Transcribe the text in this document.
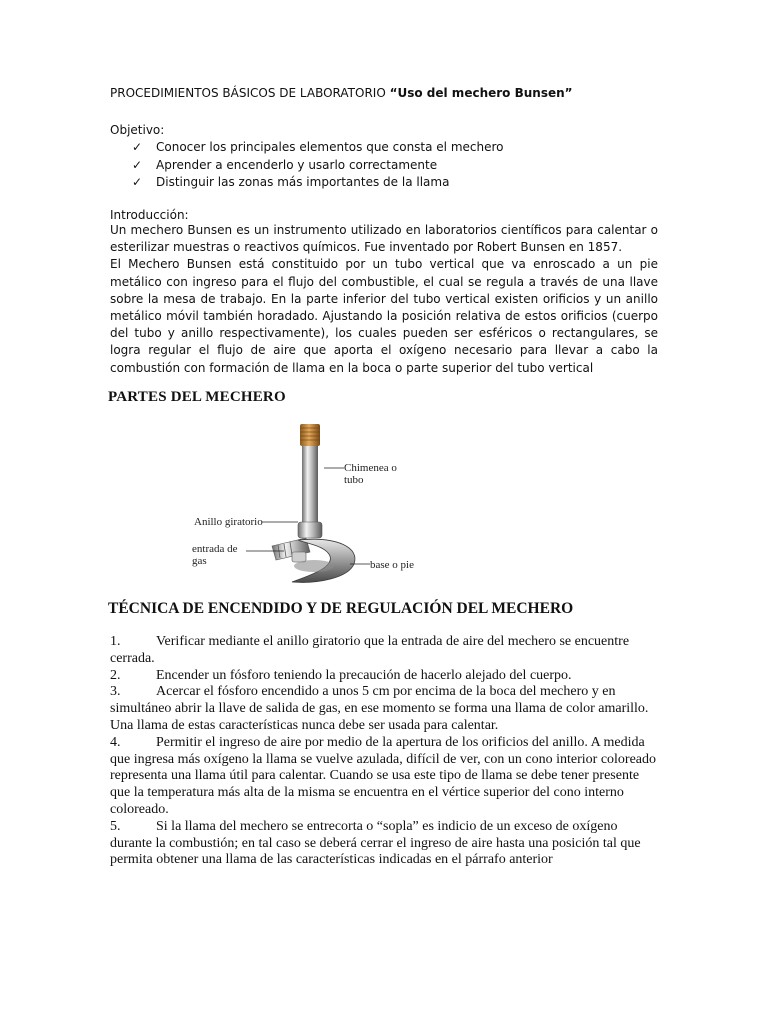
PROCEDIMIENTOS BÁSICOS DE LABORATORIO “Uso del mechero Bunsen”
Objetivo:
✓	Conocer los principales elementos que consta el mechero
✓	Aprender a encenderlo y usarlo correctamente
✓	Distinguir las zonas más importantes de la llama
Introducción:

Un mechero Bunsen es un instrumento utilizado en laboratorios científicos para calentar o esterilizar muestras o reactivos químicos. Fue inventado por Robert Bunsen en 1857.

El Mechero Bunsen está constituido por un tubo vertical que va enroscado a un pie metálico con ingreso para el flujo del combustible, el cual se regula a través de una llave sobre la mesa de trabajo. En la parte inferior del tubo vertical existen orificios y un anillo metálico móvil también horadado. Ajustando la posición relativa de estos orificios (cuerpo del tubo y anillo respectivamente), los cuales pueden ser esféricos o rectangulares, se logra regular el flujo de aire que aporta el oxígeno necesario para llevar a cabo la combustión con formación de llama en la boca o parte superior del tubo vertical

PARTES DEL MECHERO
Chimenea o
tubo
Anillo giratorio
entrada de
gas	base o pie
TÉCNICA DE ENCENDIDO Y DE REGULACIÓN DEL MECHERO

1.	Verificar mediante el anillo giratorio que la entrada de aire del mechero se encuentre cerrada.

2.	Encender un fósforo teniendo la precaución de hacerlo alejado del cuerpo.

3.	Acercar el fósforo encendido a unos 5 cm por encima de la boca del mechero y en simultáneo abrir la llave de salida de gas, en ese momento se forma una llama de color amarillo. Una llama de estas características nunca debe ser usada para calentar.

4.	Permitir el ingreso de aire por medio de la apertura de los orificios del anillo. A medida que ingresa más oxígeno la llama se vuelve azulada, difícil de ver, con un cono interior coloreado representa una llama útil para calentar. Cuando se usa este tipo de llama se debe tener presente que la temperatura más alta de la misma se encuentra en el vértice superior del cono interno coloreado.

5.	Si la llama del mechero se entrecorta o “sopla” es indicio de un exceso de oxígeno durante la combustión; en tal caso se deberá cerrar el ingreso de aire hasta una posición tal que permita obtener una llama de las características indicadas en el párrafo anterior
